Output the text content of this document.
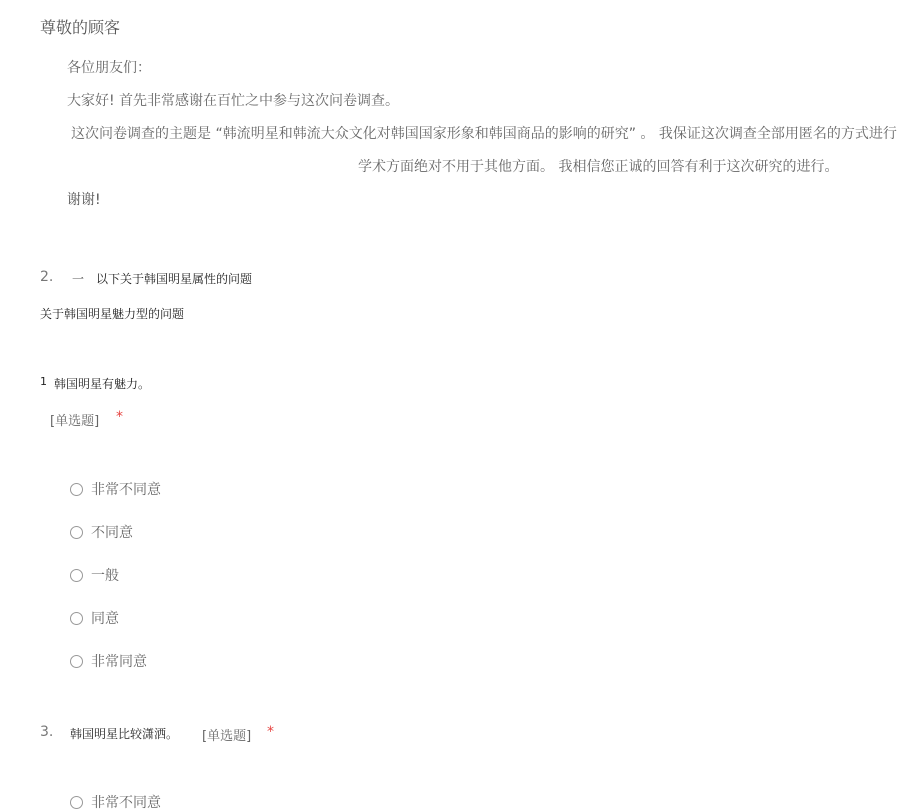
尊敬的顾客
各位朋友们：
大家好! 首先非常感谢在百忙之中参与这次问卷调查。
这次问卷调查的主题是 “韩流明星和韩流大众文化对韩国国家形象和韩国商品的影响的研究” 。 我保证这次调查全部用匿名的方式进行
学术方面绝对不用于其他方面。 我相信您正诚的回答有利于这次研究的进行。
谢谢!
2. 一　以下关于韩国明星属性的问题
关于韩国明星魅力型的问题
1 韩国明星有魅力。
[单选题] *
非常不同意
不同意
一般
同意
非常同意
3. 韩国明星比较潇洒。 [单选题] *
非常不同意
